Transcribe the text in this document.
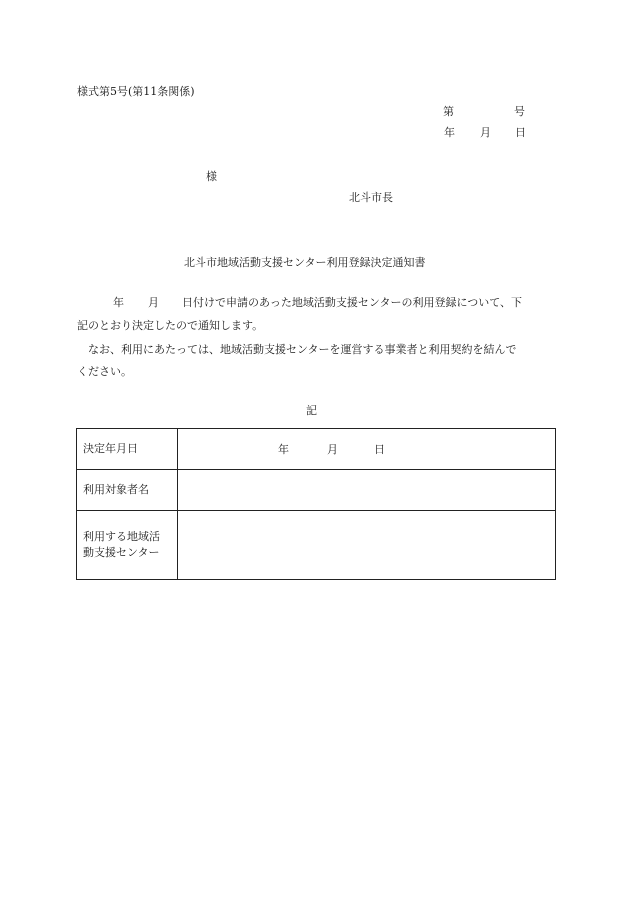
様式第5号(第11条関係)
第	号
年 月 日
様
北斗市長
北斗市地域活動支援センター利用登録決定通知書
年 月 日付けで申請のあった地域活動支援センターの利用登録について、下
記のとおり決定したので通知します。
なお、利用にあたっては、地域活動支援センターを運営する事業者と利用契約を結んで
ください。
記
決定年月日	年 月 日

利用対象者名	

利用する地域活
動支援センター	
